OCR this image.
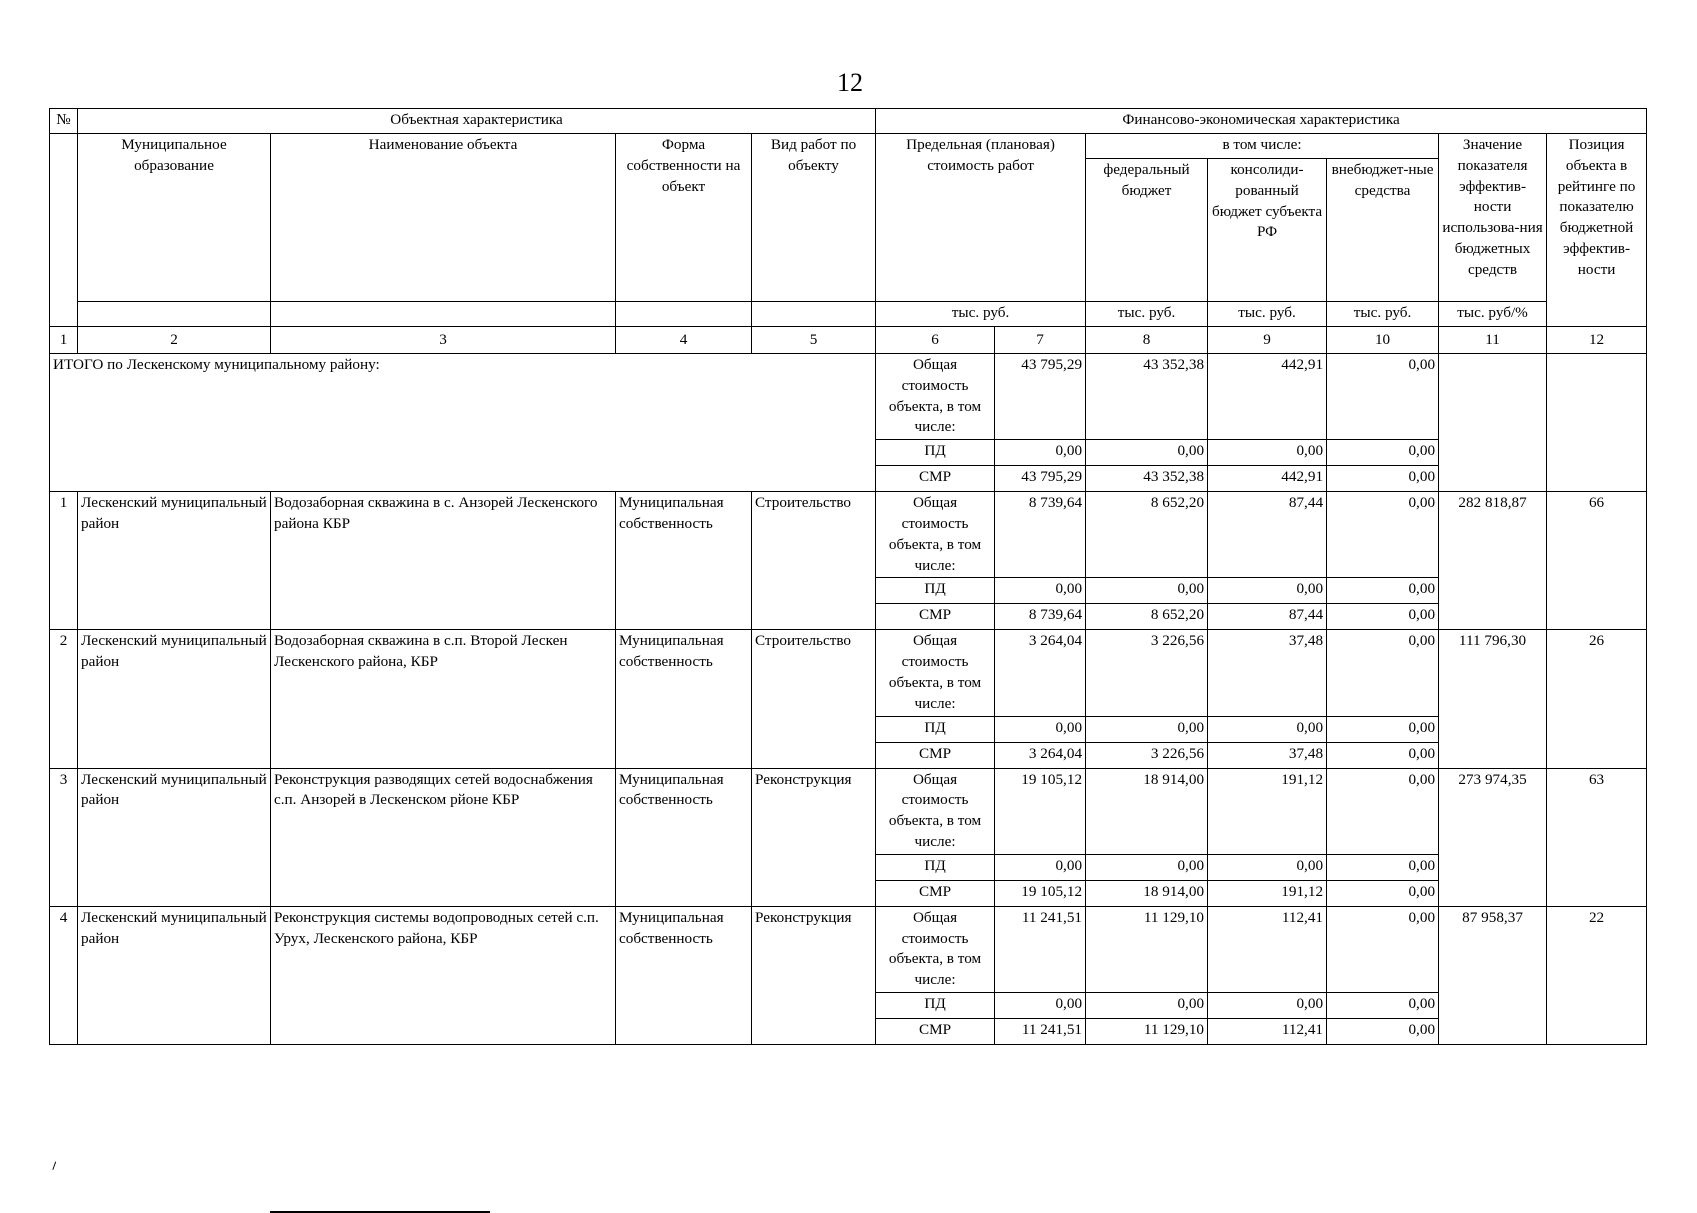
12
№	Объектная характеристика				Финансово-экономическая характеристика						
	Муниципальное образование	Наименование объекта	Форма собственности на объект	Вид работ по объекту	Предельная (плановая) стоимость работ		в том числе:			Значение показателя эффектив-ности использова-ния бюджетных средств	Позиция объекта в рейтинге по показателю бюджетной эффектив-ности
							федеральный бюджет	консолиди-рованный бюджет субъекта РФ	внебюджет-ные средства		
					тыс. руб.		тыс. руб.	тыс. руб.	тыс. руб.	тыс. руб/%	
1	2	3	4	5	6	7	8	9	10	11	12
ИТОГО по Лескенскому муниципальному району:					Общая стоимость объекта, в том числе:	43 795,29	43 352,38	442,91	0,00		
					ПД	0,00	0,00	0,00	0,00		
					СМР	43 795,29	43 352,38	442,91	0,00		
1	Лескенский муниципальный район	Водозаборная скважина в с. Анзорей Лескенского района КБР	Муниципальная собственность	Строительство	Общая стоимость объекта, в том числе:	8 739,64	8 652,20	87,44	0,00	282 818,87	66
					ПД	0,00	0,00	0,00	0,00		
					СМР	8 739,64	8 652,20	87,44	0,00		
2	Лескенский муниципальный район	Водозаборная скважина в с.п. Второй Лескен Лескенского района, КБР	Муниципальная собственность	Строительство	Общая стоимость объекта, в том числе:	3 264,04	3 226,56	37,48	0,00	111 796,30	26
					ПД	0,00	0,00	0,00	0,00		
					СМР	3 264,04	3 226,56	37,48	0,00		
3	Лескенский муниципальный район	Реконструкция разводящих сетей водоснабжения с.п. Анзорей в Лескенском рйоне КБР	Муниципальная собственность	Реконструкция	Общая стоимость объекта, в том числе:	19 105,12	18 914,00	191,12	0,00	273 974,35	63
					ПД	0,00	0,00	0,00	0,00		
					СМР	19 105,12	18 914,00	191,12	0,00		
4	Лескенский муниципальный район	Реконструкция системы водопроводных сетей с.п. Урух, Лескенского района, КБР	Муниципальная собственность	Реконструкция	Общая стоимость объекта, в том числе:	11 241,51	11 129,10	112,41	0,00	87 958,37	22
					ПД	0,00	0,00	0,00	0,00		
					СМР	11 241,51	11 129,10	112,41	0,00		
⸝
